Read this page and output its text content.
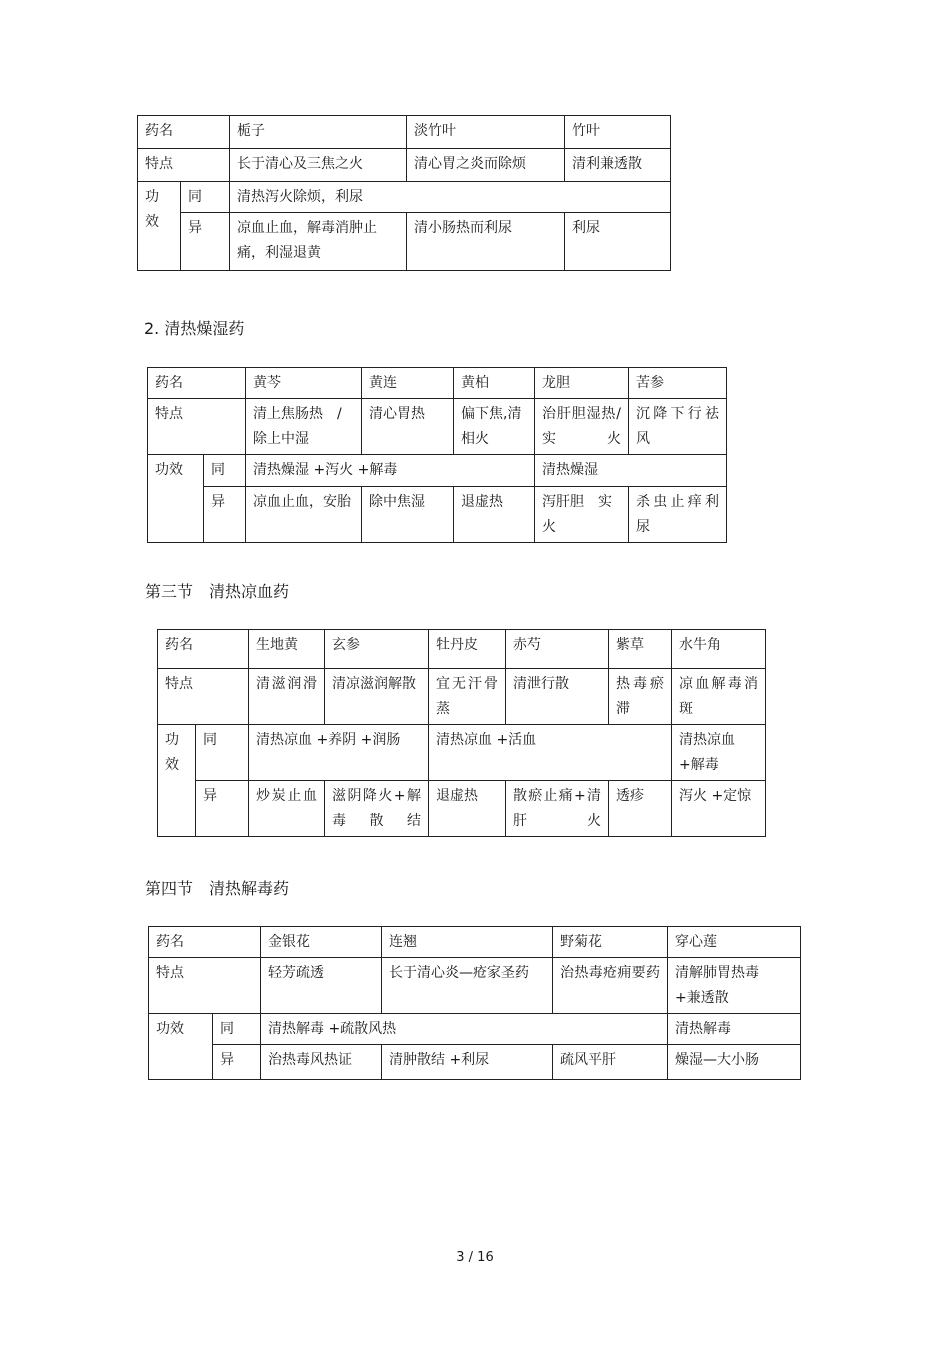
药名		栀子	淡竹叶	竹叶
特点		长于清心及三焦之火	清心胃之炎而除烦	清利兼透散

功
效	同	清热泻火除烦，利尿		
	异	凉血止血，解毒消肿止痛，利湿退黄	清小肠热而利尿	利尿
2. 清热燥湿药
药名		黄芩	黄连	黄柏	龙胆	苦参
特点		清上焦肠热　/除上中湿	清心胃热	偏下焦,清相火	治肝胆湿热/实火	沉降下行祛风
功效	同	清热燥湿 +泻火 +解毒			清热燥湿	
	异	凉血止血，安胎	除中焦湿	退虚热	泻肝胆　实火	杀虫止痒利尿
第三节　清热凉血药
药名		生地黄	玄参	牡丹皮	赤芍	紫草	水牛角
特点		清滋润滑	清凉滋润解散	宜无汗骨蒸	清泄行散	热毒瘀滞	凉血解毒消斑

功
效	同	清热凉血 +养阴 +润肠		清热凉血 +活血			清热凉血 +解毒
	异	炒炭止血	滋阴降火+解毒散结	退虚热	散瘀止痛+清肝火	透疹	泻火 +定惊
第四节　清热解毒药
药名		金银花	连翘	野菊花	穿心莲
特点		轻芳疏透	长于清心炎—疮家圣药	治热毒疮痈要药	清解肺胃热毒　+兼透散
功效	同	清热解毒 +疏散风热			清热解毒
	异	治热毒风热证	清肿散结 +利尿	疏风平肝	燥湿—大小肠
3 / 16
